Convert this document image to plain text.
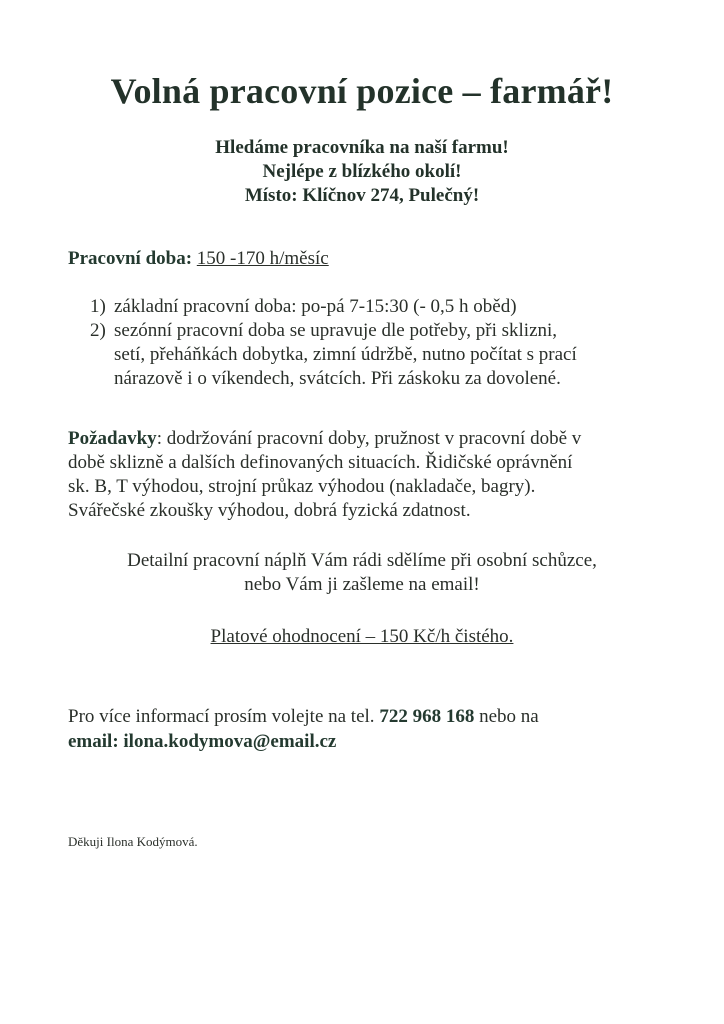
Volná pracovní pozice – farmář!
Hledáme pracovníka na naší farmu!
Nejlépe z blízkého okolí!
Místo: Klíčnov 274, Pulečný!
Pracovní doba: 150 -170 h/měsíc
1) základní pracovní doba: po-pá 7-15:30 (- 0,5 h oběd)
2) sezónní pracovní doba se upravuje dle potřeby, při sklizni,
setí, přeháňkách dobytka, zimní údržbě, nutno počítat s prací
nárazově i o víkendech, svátcích. Při záskoku za dovolené.
Požadavky: dodržování pracovní doby, pružnost v pracovní době v
době sklizně a dalších definovaných situacích. Řidičské oprávnění
sk. B, T výhodou, strojní průkaz výhodou (nakladače, bagry).
Svářečské zkoušky výhodou, dobrá fyzická zdatnost.
Detailní pracovní náplň Vám rádi sdělíme při osobní schůzce,
nebo Vám ji zašleme na email!
Platové ohodnocení – 150 Kč/h čistého.
Pro více informací prosím volejte na tel. 722 968 168 nebo na
email: ilona.kodymova@email.cz
Děkuji Ilona Kodýmová.
